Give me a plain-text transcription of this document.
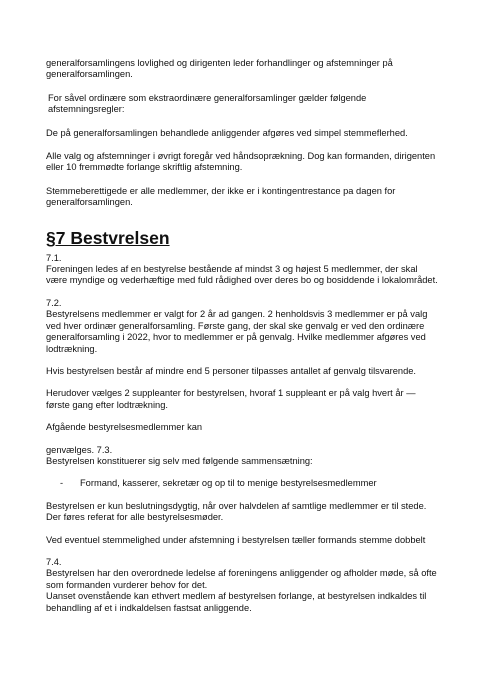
generalforsamlingens lovlighed og dirigenten leder forhandlinger og afstemninger på generalforsamlingen.

For såvel ordinære som ekstraordinære generalforsamlinger gælder følgende afstemningsregler:

De på generalforsamlingen behandlede anliggender afgøres ved simpel stemmeflerhed.

Alle valg og afstemninger i øvrigt foregår ved håndsoprækning. Dog kan formanden, dirigenten eller 10 fremmødte forlange skriftlig afstemning.

Stemmeberettigede er alle medlemmer, der ikke er i kontingentrestance pa dagen for generalforsamlingen.

§7 Bestvrelsen

7.1.

Foreningen ledes af en bestyrelse bestående af mindst 3 og højest 5 medlemmer, der skal være myndige og vederhæftige med fuld rådighed over deres bo og bosiddende i lokalområdet.

7.2.

Bestyrelsens medlemmer er valgt for 2 år ad gangen. 2 henholdsvis 3 medlemmer er på valg ved hver ordinær generalforsamling. Første gang, der skal ske genvalg er ved den ordinære generalforsamling i 2022, hvor to medlemmer er på genvalg. Hvilke medlemmer afgøres ved lodtrækning.

Hvis bestyrelsen består af mindre end 5 personer tilpasses antallet af genvalg tilsvarende.

Herudover vælges 2 suppleanter for bestyrelsen, hvoraf 1 suppleant er på valg hvert år — første gang efter lodtrækning.

Afgående bestyrelsesmedlemmer kan

genvælges. 7.3.

Bestyrelsen konstituerer sig selv med følgende sammensætning:

-	Formand, kasserer, sekretær og op til to menige bestyrelsesmedlemmer

Bestyrelsen er kun beslutningsdygtig, når over halvdelen af samtlige medlemmer er til stede. Der føres referat for alle bestyrelsesmøder.

Ved eventuel stemmelighed under afstemning i bestyrelsen tæller formands stemme dobbelt

7.4.

Bestyrelsen har den overordnede ledelse af foreningens anliggender og afholder møde, så ofte som formanden vurderer behov for det.

Uanset ovenstående kan ethvert medlem af bestyrelsen forlange, at bestyrelsen indkaldes til behandling af et i indkaldelsen fastsat anliggende.
